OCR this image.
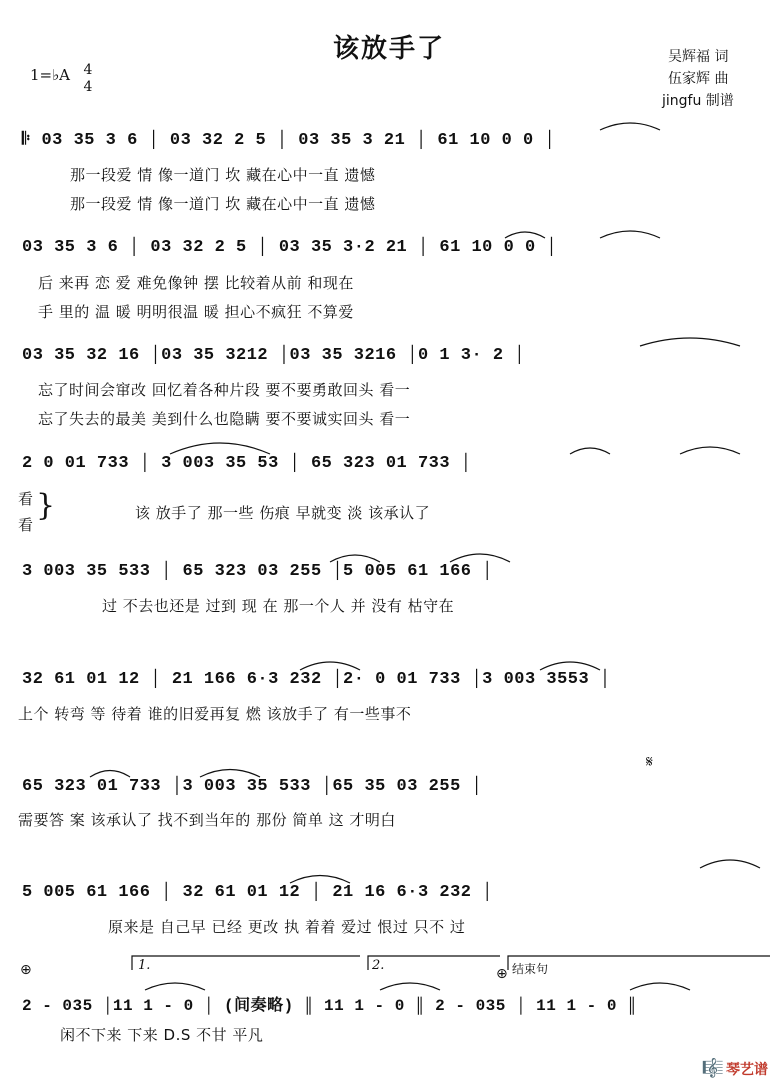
该放手了
1=♭A 4
4
吴辉福 词
伍家辉 曲
jingfu 制谱
𝄆 03 35 3 6 │ 03 32 2 5 │ 03 35 3 21 │ 61 10 0 0 │
那一段爱 情 像一道门 坎 藏在心中一直 遗憾
那一段爱 情 像一道门 坎 藏在心中一直 遗憾
03 35 3 6 │ 03 32 2 5 │ 03 35 3·2 21 │ 61 10 0 0 │
后 来再 恋 爱 难免像钟 摆 比较着从前 和现在
手 里的 温 暖 明明很温 暖 担心不疯狂 不算爱
03 35 32 16 │03 35 3212 │03 35 3216 │0 1 3· 2 │
忘了时间会窜改 回忆着各种片段 要不要勇敢回头 看一
忘了失去的最美 美到什么也隐瞒 要不要诚实回头 看一
2 0 01 733 │ 3 003 35 53 │ 65 323 01 733 │
看
看
}	该 放手了 那一些 伤痕 早就变 淡 该承认了
3 003 35 533 │ 65 323 03 255 │5 005 61 166 │
过 不去也还是 过到 现 在 那一个人 并 没有 枯守在
32 61 01 12 │ 21 166 6·3 232 │2· 0 01 733 │3 003 3553 │
上个 转弯 等 待着 谁的旧爱再复 燃 该放手了 有一些事不
65 323 01 733 │3 003 35 533 │65 35 03 255 │
需要答 案 该承认了 找不到当年的 那份 简单 这 才明白
5 005 61 166 │ 32 61 01 12 │ 21 16 6·3 232 │
原来是 自己早 已经 更改 执 着着 爱过 恨过 只不 过
⊕	1.	2.
⊕ 结束句
𝄋
2 - 035 │11 1 - 0 │ (间奏略) ║ 11 1 - 0 ║ 2 - 035 │ 11 1 - 0 ║
闲不下来 下来 D.S 不甘 平凡
🎼 琴艺谱
